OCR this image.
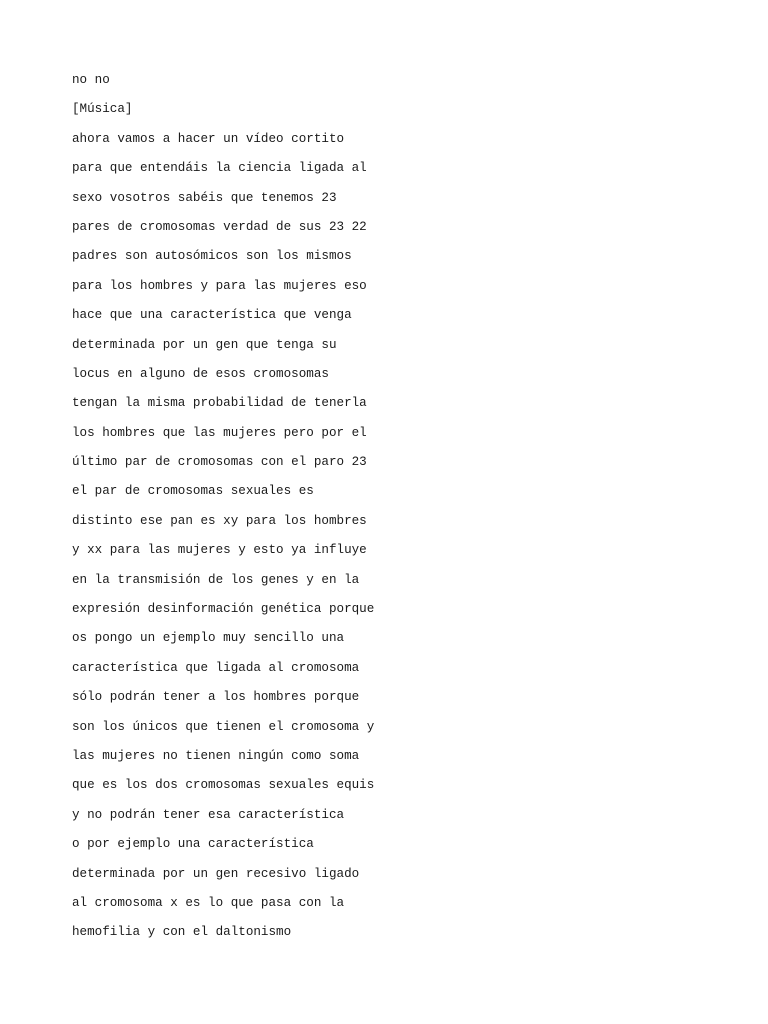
no no
[Música]
ahora vamos a hacer un vídeo cortito
para que entendáis la ciencia ligada al
sexo vosotros sabéis que tenemos 23
pares de cromosomas verdad de sus 23 22
padres son autosómicos son los mismos
para los hombres y para las mujeres eso
hace que una característica que venga
determinada por un gen que tenga su
locus en alguno de esos cromosomas
tengan la misma probabilidad de tenerla
los hombres que las mujeres pero por el
último par de cromosomas con el paro 23
el par de cromosomas sexuales es
distinto ese pan es xy para los hombres
y xx para las mujeres y esto ya influye
en la transmisión de los genes y en la
expresión desinformación genética porque
os pongo un ejemplo muy sencillo una
característica que ligada al cromosoma
sólo podrán tener a los hombres porque
son los únicos que tienen el cromosoma y
las mujeres no tienen ningún como soma
que es los dos cromosomas sexuales equis
y no podrán tener esa característica
o por ejemplo una característica
determinada por un gen recesivo ligado
al cromosoma x es lo que pasa con la
hemofilia y con el daltonismo
